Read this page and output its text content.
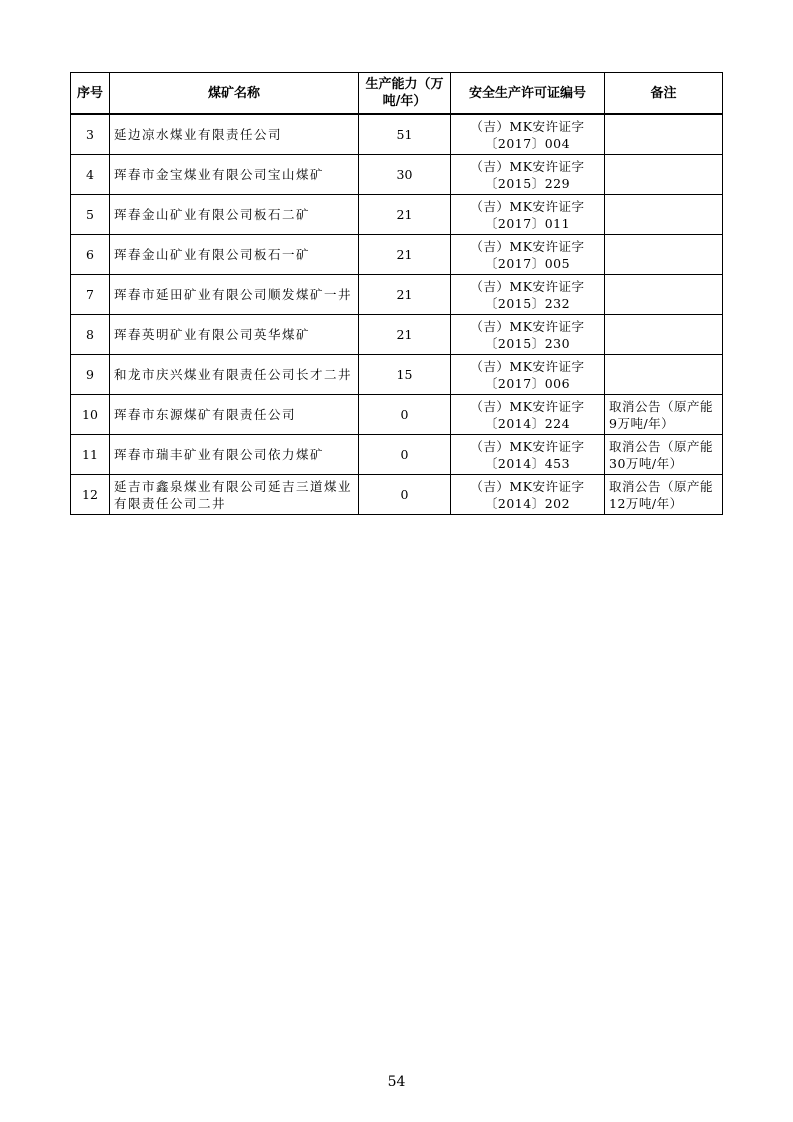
序号	煤矿名称	生产能力（万吨/年）	安全生产许可证编号	备注
3	延边凉水煤业有限责任公司	51	（吉）MK安许证字〔2017〕004	
4	珲春市金宝煤业有限公司宝山煤矿	30	（吉）MK安许证字〔2015〕229	
5	珲春金山矿业有限公司板石二矿	21	（吉）MK安许证字〔2017〕011	
6	珲春金山矿业有限公司板石一矿	21	（吉）MK安许证字〔2017〕005	
7	珲春市延田矿业有限公司顺发煤矿一井	21	（吉）MK安许证字〔2015〕232	
8	珲春英明矿业有限公司英华煤矿	21	（吉）MK安许证字〔2015〕230	
9	和龙市庆兴煤业有限责任公司长才二井	15	（吉）MK安许证字〔2017〕006	
10	珲春市东源煤矿有限责任公司	0	（吉）MK安许证字〔2014〕224	取消公告（原产能9万吨/年）
11	珲春市瑞丰矿业有限公司依力煤矿	0	（吉）MK安许证字〔2014〕453	取消公告（原产能30万吨/年）
12	延吉市鑫泉煤业有限公司延吉三道煤业有限责任公司二井	0	（吉）MK安许证字〔2014〕202	取消公告（原产能12万吨/年）
54
